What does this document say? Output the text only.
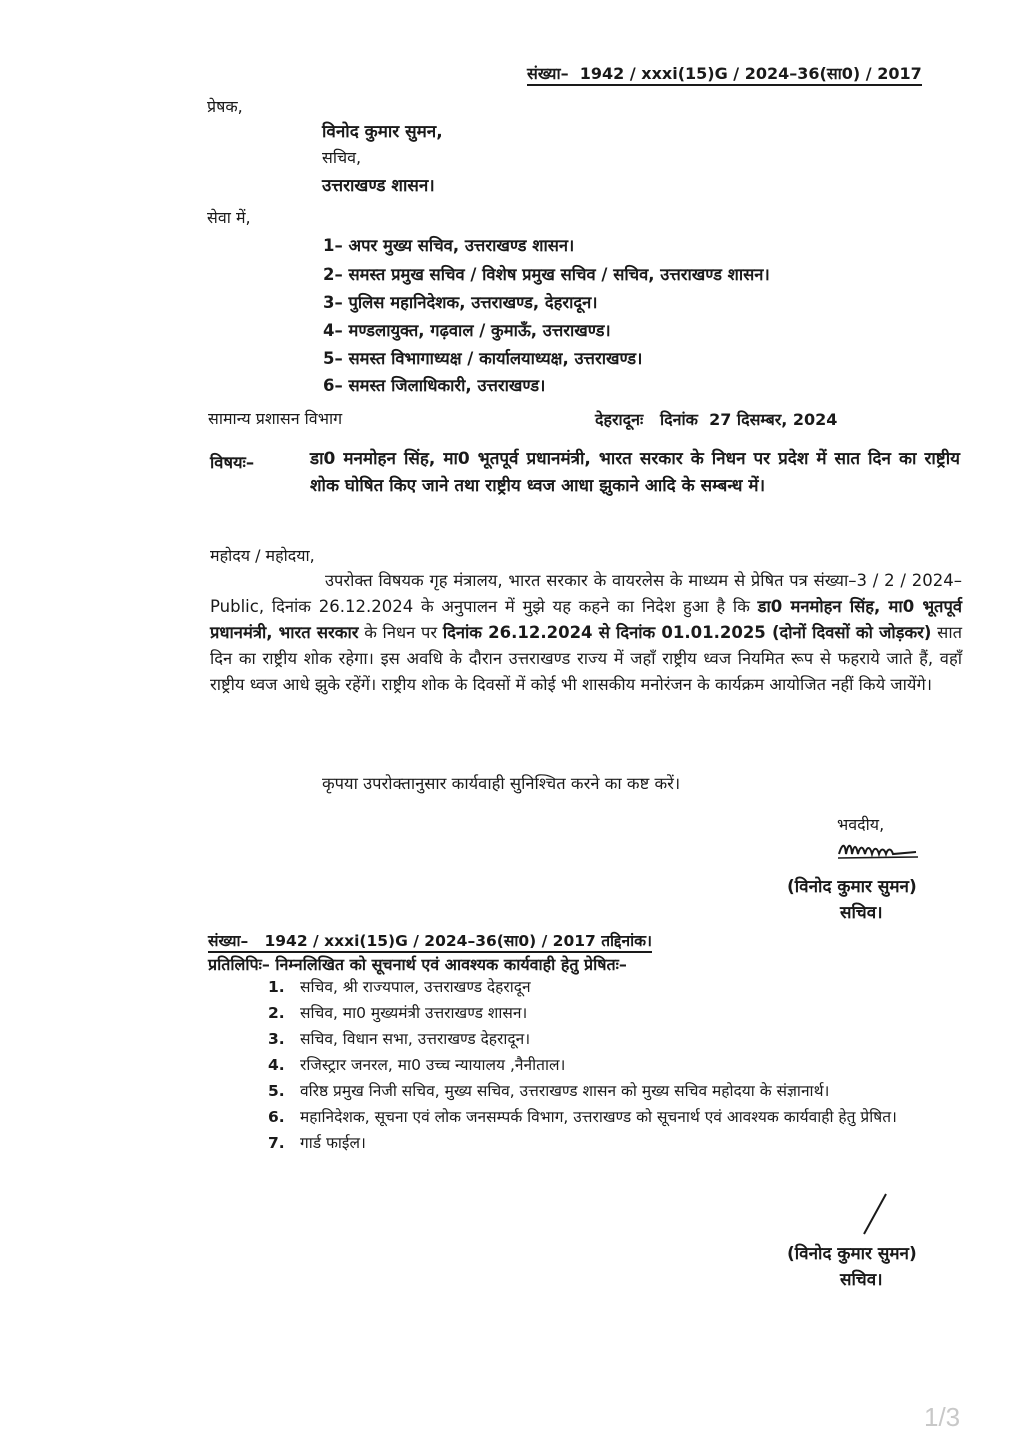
संख्या– 1942 / xxxi(15)G / 2024–36(सा0) / 2017
प्रेषक,
विनोद कुमार सुमन,
सचिव,
उत्तराखण्ड शासन।
सेवा में,
1– अपर मुख्य सचिव, उत्तराखण्ड शासन।
2– समस्त प्रमुख सचिव / विशेष प्रमुख सचिव / सचिव, उत्तराखण्ड शासन।
3– पुलिस महानिदेशक, उत्तराखण्ड, देहरादून।
4– मण्डलायुक्त, गढ़वाल / कुमाऊँ, उत्तराखण्ड।
5– समस्त विभागाध्यक्ष / कार्यालयाध्यक्ष, उत्तराखण्ड।
6– समस्त जिलाधिकारी, उत्तराखण्ड।
सामान्य प्रशासन विभाग	देहरादूनः   दिनांक  27 दिसम्बर, 2024
विषयः–	डा0 मनमोहन सिंह, मा0 भूतपूर्व प्रधानमंत्री, भारत सरकार के निधन पर प्रदेश में सात दिन का राष्ट्रीय शोक घोषित किए जाने तथा राष्ट्रीय ध्वज आधा झुकाने आदि के सम्बन्ध में।
महोदय / महोदया,
उपरोक्त विषयक गृह मंत्रालय, भारत सरकार के वायरलेस के माध्यम से प्रेषित पत्र संख्या–3 / 2 / 2024–Public, दिनांक 26.12.2024 के अनुपालन में मुझे यह कहने का निदेश हुआ है कि डा0 मनमोहन सिंह, मा0 भूतपूर्व प्रधानमंत्री, भारत सरकार के निधन पर दिनांक 26.12.2024 से दिनांक 01.01.2025 (दोनों दिवसों को जोड़कर) सात दिन का राष्ट्रीय शोक रहेगा। इस अवधि के दौरान उत्तराखण्ड राज्य में जहाँ राष्ट्रीय ध्वज नियमित रूप से फहराये जाते हैं, वहाँ राष्ट्रीय ध्वज आधे झुके रहेंगें। राष्ट्रीय शोक के दिवसों में कोई भी शासकीय मनोरंजन के कार्यक्रम आयोजित नहीं किये जायेंगे।
कृपया उपरोक्तानुसार कार्यवाही सुनिश्चित करने का कष्ट करें।
भवदीय,
(विनोद कुमार सुमन)
सचिव।
संख्या–   1942 / xxxi(15)G / 2024–36(सा0) / 2017 तद्दिनांक।
प्रतिलिपिः– निम्नलिखित को सूचनार्थ एवं आवश्यक कार्यवाही हेतु प्रेषितः–
1. सचिव, श्री राज्यपाल, उत्तराखण्ड देहरादून
2. सचिव, मा0 मुख्यमंत्री उत्तराखण्ड शासन।
3. सचिव, विधान सभा, उत्तराखण्ड देहरादून।
4. रजिस्ट्रार जनरल, मा0 उच्च न्यायालय ,नैनीताल।
5. वरिष्ठ प्रमुख निजी सचिव, मुख्य सचिव, उत्तराखण्ड शासन को मुख्य सचिव महोदया के संज्ञानार्थ।
6. महानिदेशक, सूचना एवं लोक जनसम्पर्क विभाग, उत्तराखण्ड को सूचनार्थ एवं आवश्यक कार्यवाही हेतु प्रेषित।
7. गार्ड फाईल।
(विनोद कुमार सुमन)
सचिव।
1/3
